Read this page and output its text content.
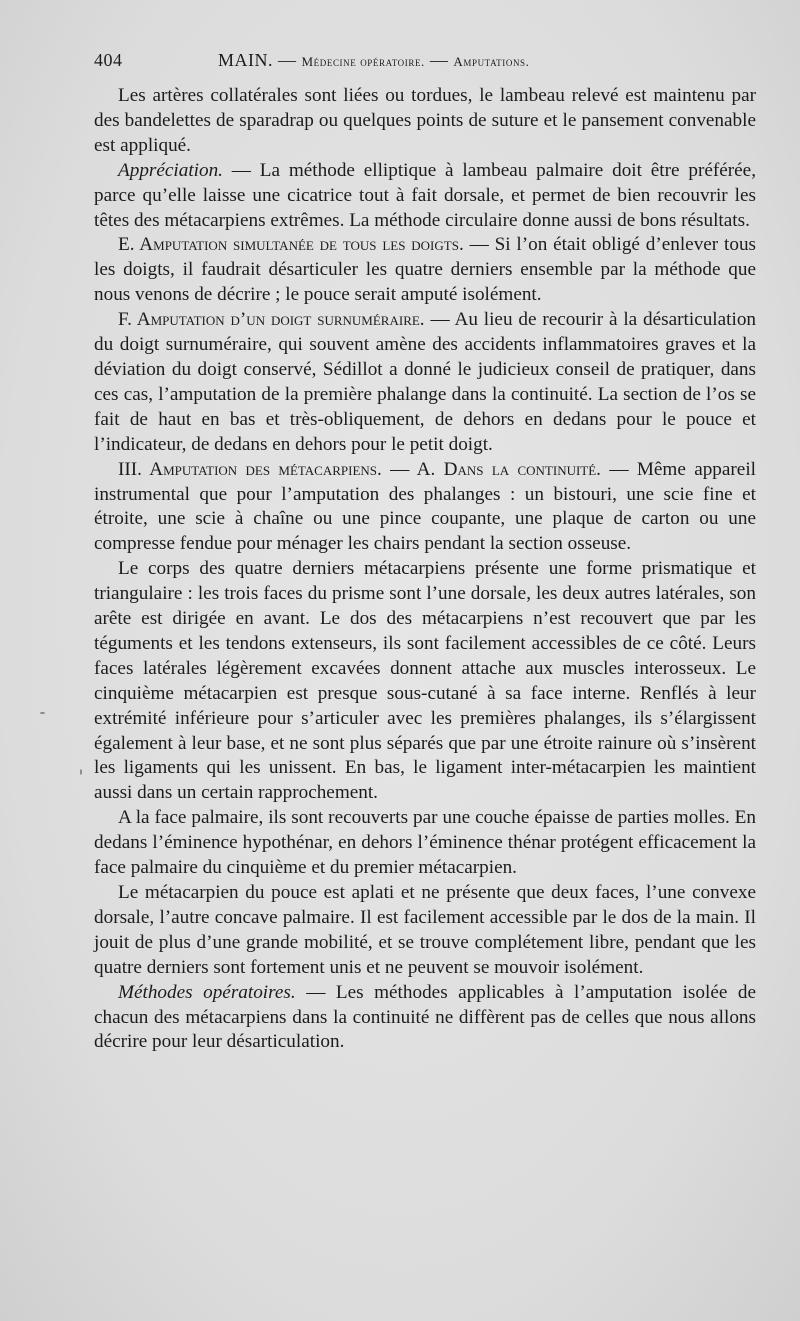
404	MAIN. — Médecine opératoire. — Amputations.

Les artères collatérales sont liées ou tordues, le lambeau relevé est maintenu par des bandelettes de sparadrap ou quelques points de suture et le pansement convenable est appliqué.

Appréciation. — La méthode elliptique à lambeau palmaire doit être préférée, parce qu’elle laisse une cicatrice tout à fait dorsale, et permet de bien recouvrir les têtes des métacarpiens extrêmes. La méthode circulaire donne aussi de bons résultats.

E. Amputation simultanée de tous les doigts. — Si l’on était obligé d’enlever tous les doigts, il faudrait désarticuler les quatre derniers ensemble par la méthode que nous venons de décrire ; le pouce serait amputé isolément.

F. Amputation d’un doigt surnuméraire. — Au lieu de recourir à la désarticulation du doigt surnuméraire, qui souvent amène des accidents inflammatoires graves et la déviation du doigt conservé, Sédillot a donné le judicieux conseil de pratiquer, dans ces cas, l’amputation de la première phalange dans la continuité. La section de l’os se fait de haut en bas et très-obliquement, de dehors en dedans pour le pouce et l’indicateur, de dedans en dehors pour le petit doigt.

III. Amputation des métacarpiens. — A. Dans la continuité. — Même appareil instrumental que pour l’amputation des phalanges : un bistouri, une scie fine et étroite, une scie à chaîne ou une pince coupante, une plaque de carton ou une compresse fendue pour ménager les chairs pendant la section osseuse.

Le corps des quatre derniers métacarpiens présente une forme prismatique et triangulaire : les trois faces du prisme sont l’une dorsale, les deux autres latérales, son arête est dirigée en avant. Le dos des métacarpiens n’est recouvert que par les téguments et les tendons extenseurs, ils sont facilement accessibles de ce côté. Leurs faces latérales légèrement excavées donnent attache aux muscles interosseux. Le cinquième métacarpien est presque sous-cutané à sa face interne. Renflés à leur extrémité inférieure pour s’articuler avec les premières phalanges, ils s’élargissent également à leur base, et ne sont plus séparés que par une étroite rainure où s’insèrent les ligaments qui les unissent. En bas, le ligament inter-métacarpien les maintient aussi dans un certain rapprochement.

A la face palmaire, ils sont recouverts par une couche épaisse de parties molles. En dedans l’éminence hypothénar, en dehors l’éminence thénar protégent efficacement la face palmaire du cinquième et du premier métacarpien.

Le métacarpien du pouce est aplati et ne présente que deux faces, l’une convexe dorsale, l’autre concave palmaire. Il est facilement accessible par le dos de la main. Il jouit de plus d’une grande mobilité, et se trouve complétement libre, pendant que les quatre derniers sont fortement unis et ne peuvent se mouvoir isolément.

Méthodes opératoires. — Les méthodes applicables à l’amputation isolée de chacun des métacarpiens dans la continuité ne diffèrent pas de celles que nous allons décrire pour leur désarticulation.
